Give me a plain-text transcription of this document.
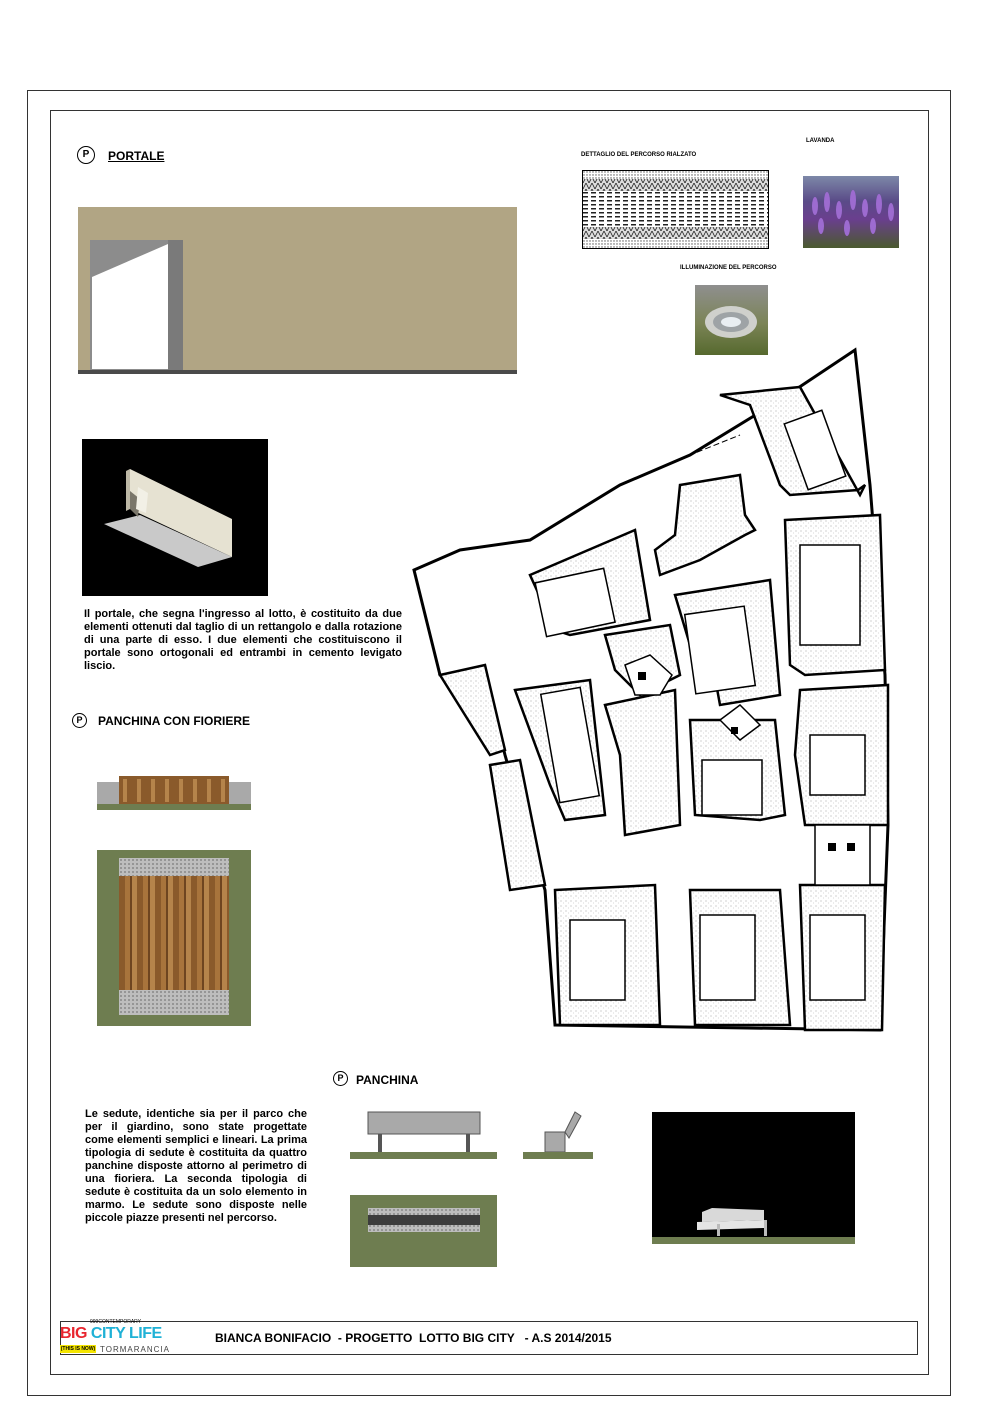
P	PORTALE
Il portale, che segna l'ingresso al lotto, è costituito da due elementi ottenuti dal taglio di un rettangolo e dalla rotazione di una parte di esso. I due elementi che costituiscono il portale sono ortogonali ed entrambi in cemento levigato liscio.
P	PANCHINA CON FIORIERE
DETTAGLIO DEL PERCORSO RIALZATO
LAVANDA
ILLUMINAZIONE DEL PERCORSO
P	PANCHINA
Le sedute, identiche sia per il parco che per il giardino, sono state progettate come elementi semplici e lineari. La prima tipologia di sedute è costituita da quattro panchine disposte attorno al perimetro di una fioriera. La seconda tipologia di sedute è costituita da un solo elemento in marmo. Le sedute sono disposte nelle piccole piazze presenti nel percorso.
999CONTEMPORARY
BIG CITY LIFE
(THIS IS NOW) TORMARANCIA
BIANCA BONIFACIO  - PROGETTO  LOTTO BIG CITY   - A.S 2014/2015
